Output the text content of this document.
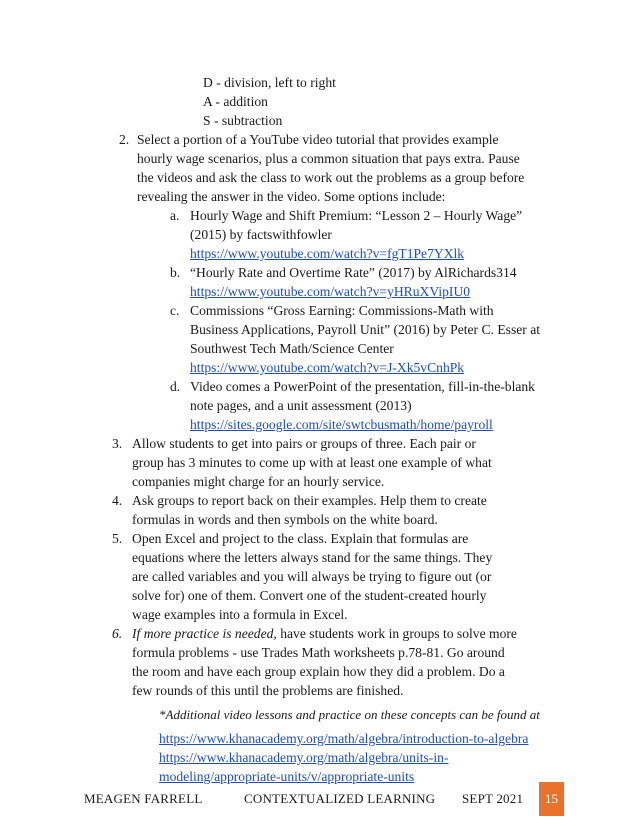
D - division, left to right
A - addition
S - subtraction
2. Select a portion of a YouTube video tutorial that provides example
hourly wage scenarios, plus a common situation that pays extra. Pause
the videos and ask the class to work out the problems as a group before
revealing the answer in the video. Some options include:
a. Hourly Wage and Shift Premium: “Lesson 2 – Hourly Wage”
(2015) by factswithfowler
https://www.youtube.com/watch?v=fgT1Pe7YXlk
b. “Hourly Rate and Overtime Rate” (2017) by AlRichards314
https://www.youtube.com/watch?v=yHRuXVipIU0
c. Commissions “Gross Earning: Commissions-Math with
Business Applications, Payroll Unit” (2016) by Peter C. Esser at
Southwest Tech Math/Science Center
https://www.youtube.com/watch?v=J-Xk5vCnhPk
d. Video comes a PowerPoint of the presentation, fill-in-the-blank
note pages, and a unit assessment (2013)
https://sites.google.com/site/swtcbusmath/home/payroll
3. Allow students to get into pairs or groups of three. Each pair or
group has 3 minutes to come up with at least one example of what
companies might charge for an hourly service.
4. Ask groups to report back on their examples. Help them to create
formulas in words and then symbols on the white board.
5. Open Excel and project to the class. Explain that formulas are
equations where the letters always stand for the same things. They
are called variables and you will always be trying to figure out (or
solve for) one of them. Convert one of the student-created hourly
wage examples into a formula in Excel.
6. If more practice is needed, have students work in groups to solve more
formula problems - use Trades Math worksheets p.78-81. Go around
the room and have each group explain how they did a problem. Do a
few rounds of this until the problems are finished.
*Additional video lessons and practice on these concepts can be found at
https://www.khanacademy.org/math/algebra/introduction-to-algebra
https://www.khanacademy.org/math/algebra/units-in-
modeling/appropriate-units/v/appropriate-units
MEAGEN FARRELL	CONTEXTUALIZED LEARNING SEPT 2021	15
